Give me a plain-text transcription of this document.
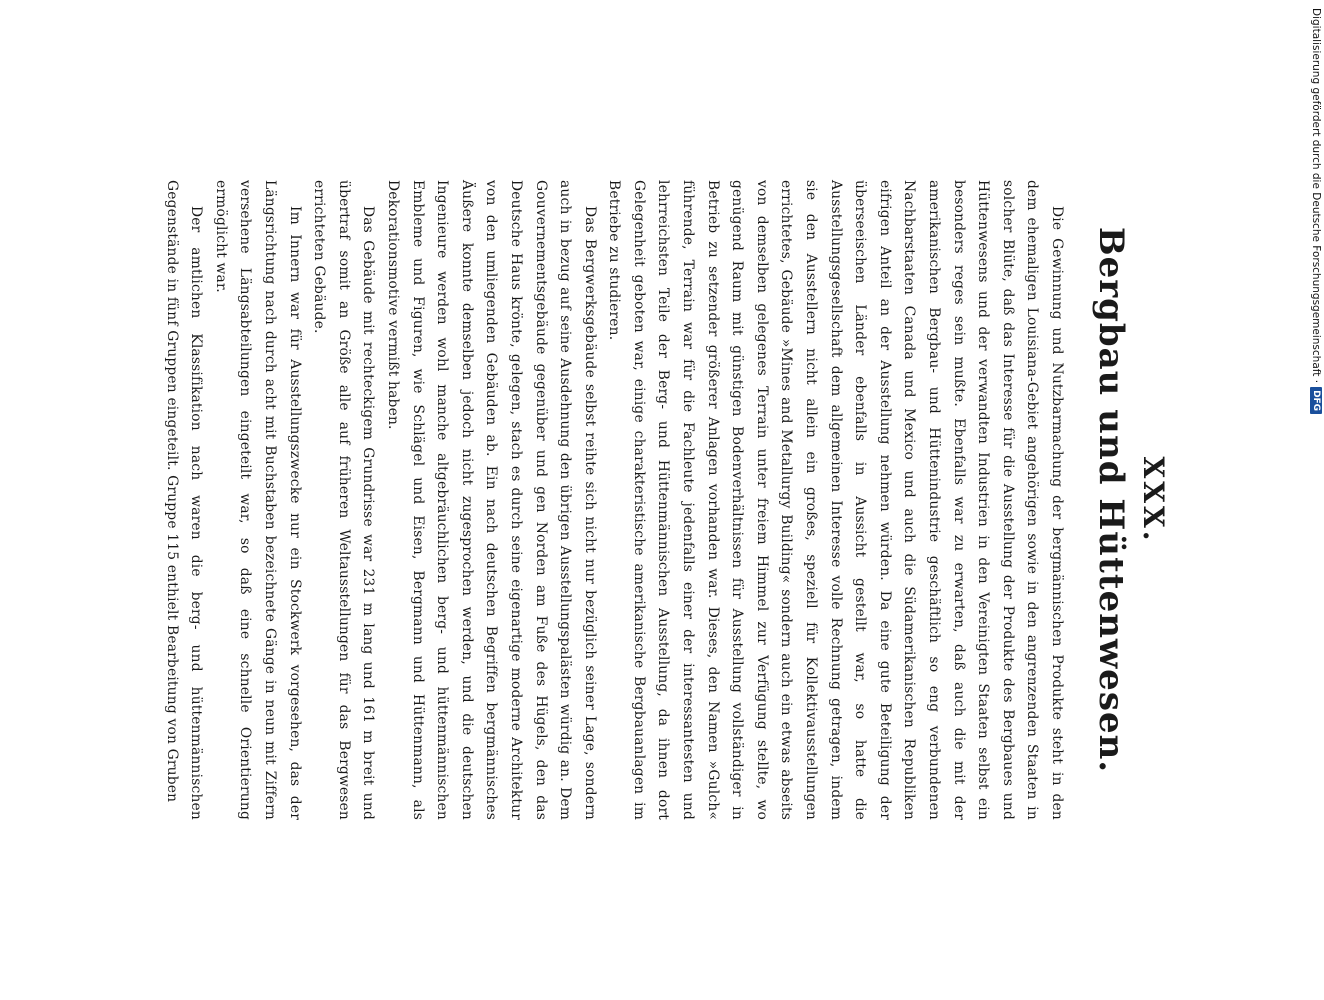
XXX.
Bergbau und Hüttenwesen.

Die Gewinnung und Nutzbarmachung der bergmännischen Produkte steht in den dem ehemaligen Louisiana-Gebiet angehörigen sowie in den angrenzenden Staaten in solcher Blüte, daß das Interesse für die Ausstellung der Produkte des Bergbaues und Hüttenwesens und der verwandten Industrien in den Vereinigten Staaten selbst ein besonders reges sein mußte. Ebenfalls war zu erwarten, daß auch die mit der amerikanischen Bergbau- und Hüttenindustrie geschäftlich so eng verbundenen Nachbarstaaten Canada und Mexico und auch die Südamerikanischen Republiken eifrigen Anteil an der Ausstellung nehmen würden. Da eine gute Beteiligung der überseeischen Länder ebenfalls in Aussicht gestellt war, so hatte die Ausstellungsgesellschaft dem allgemeinen Interesse volle Rechnung getragen, indem sie den Ausstellern nicht allein ein großes, speziell für Kollektivausstellungen errichtetes, Gebäude »Mines and Metallurgy Building« sondern auch ein etwas abseits von demselben gelegenes Terrain unter freiem Himmel zur Verfügung stellte, wo genügend Raum mit günstigen Bodenverhältnissen für Ausstellung vollständiger in Betrieb zu setzender größerer Anlagen vorhanden war. Dieses, den Namen »Gulch« führende, Terrain war für die Fachleute jedenfalls einer der interessantesten und lehrreichsten Teile der Berg- und Hüttenmännischen Ausstellung, da ihnen dort Gelegenheit geboten war, einige charakteristische amerikanische Bergbauanlagen im Betriebe zu studieren.

Das Bergwerksgebäude selbst reihte sich nicht nur bezüglich seiner Lage, sondern auch in bezug auf seine Ausdehnung den übrigen Ausstellungspalästen würdig an. Dem Gouvernementsgebäude gegenüber und gen Norden am Fuße des Hügels, den das Deutsche Haus krönte, gelegen, stach es durch seine eigenartige moderne Architektur von den umliegenden Gebäuden ab. Ein nach deutschen Begriffen bergmännisches Äußere konnte demselben jedoch nicht zugesprochen werden, und die deutschen Ingenieure werden wohl manche altgebräuchlichen berg- und hüttenmännischen Embleme und Figuren, wie Schlägel und Eisen, Bergmann und Hüttenmann, als Dekorationsmotive vermißt haben.

Das Gebäude mit rechteckigem Grundrisse war 231 m lang und 161 m breit und übertraf somit an Größe alle auf früheren Weltausstellungen für das Bergwesen errichteten Gebäude.

Im Innern war für Ausstellungszwecke nur ein Stockwerk vorgesehen, das der Längsrichtung nach durch acht mit Buchstaben bezeichnete Gänge in neun mit Ziffern versehene Längsabteilungen eingeteilt war, so daß eine schnelle Orientierung ermöglicht war.

Der amtlichen Klassifikation nach waren die berg- und hüttenmännischen Gegenstände in fünf Gruppen eingeteilt. Gruppe 115 enthielt Bearbeitung von Gruben	Digitalisierung gefördert durch die Deutsche Forschungsgemeinschaft ·
DFG
